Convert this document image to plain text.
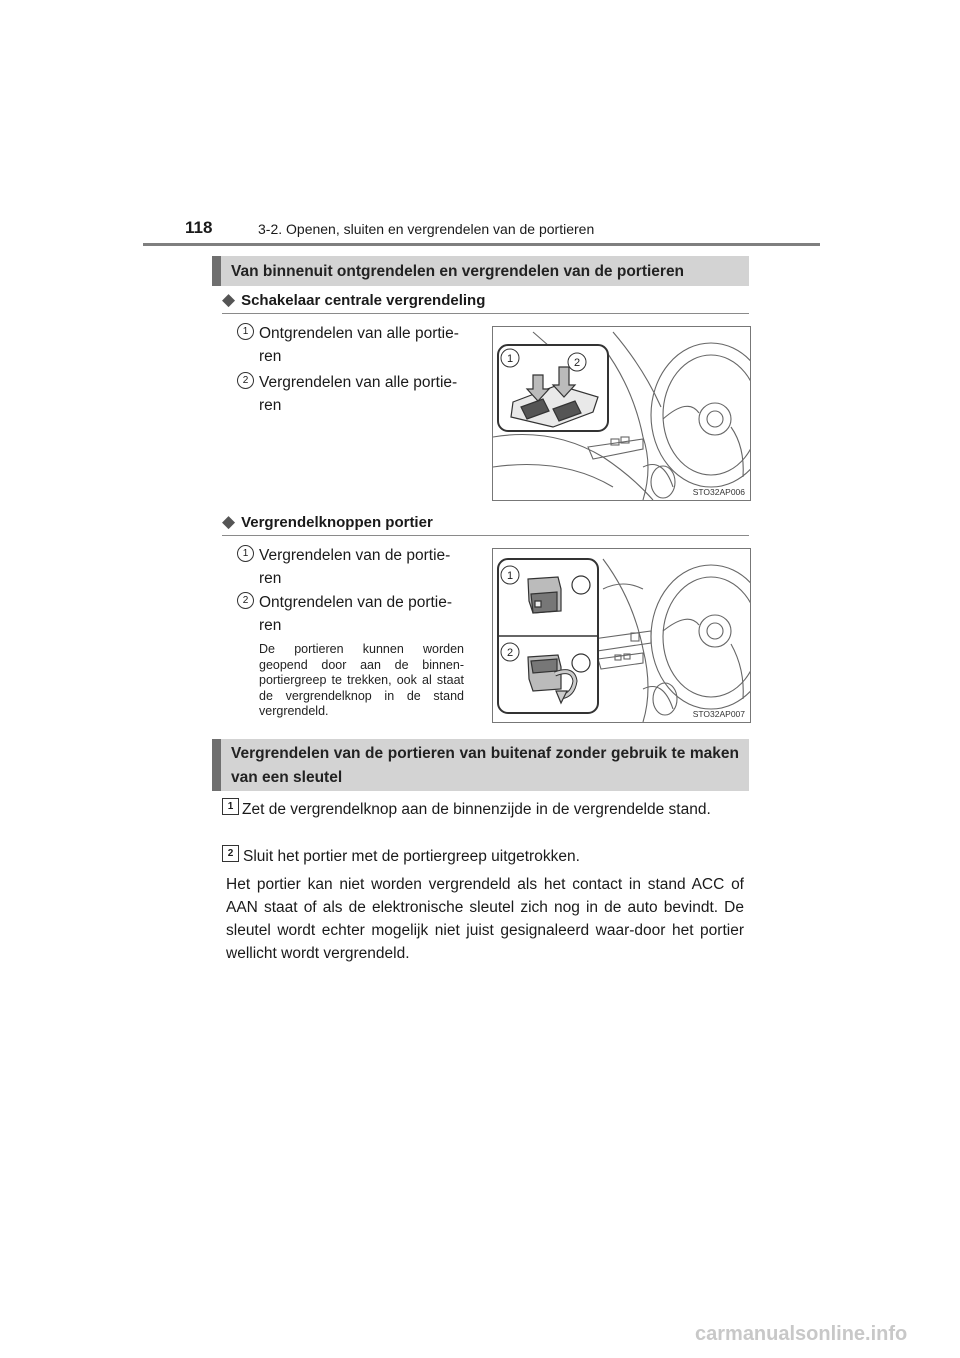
118	3-2. Openen, sluiten en vergrendelen van de portieren
Van binnenuit ontgrendelen en vergrendelen van de portieren
◆ Schakelaar centrale vergrendeling
1 Ontgrendelen van alle portie-
ren
2 Vergrendelen van alle portie-
ren
1	2
STO32AP006
◆ Vergrendelknoppen portier
1 Vergrendelen van de portie-
ren
2 Ontgrendelen van de portie-
ren
De portieren kunnen worden geopend door aan de binnen-portiergreep te trekken, ook al staat de vergrendelknop in de stand vergrendeld.
1
2
STO32AP007
Vergrendelen van de portieren van buitenaf zonder gebruik te maken van een sleutel
1 Zet de vergrendelknop aan de binnenzijde in de vergrendelde stand.
2 Sluit het portier met de portiergreep uitgetrokken.
Het portier kan niet worden vergrendeld als het contact in stand ACC of AAN staat of als de elektronische sleutel zich nog in de auto bevindt. De sleutel wordt echter mogelijk niet juist gesignaleerd waar-door het portier wellicht wordt vergrendeld.
carmanualsonline.info
